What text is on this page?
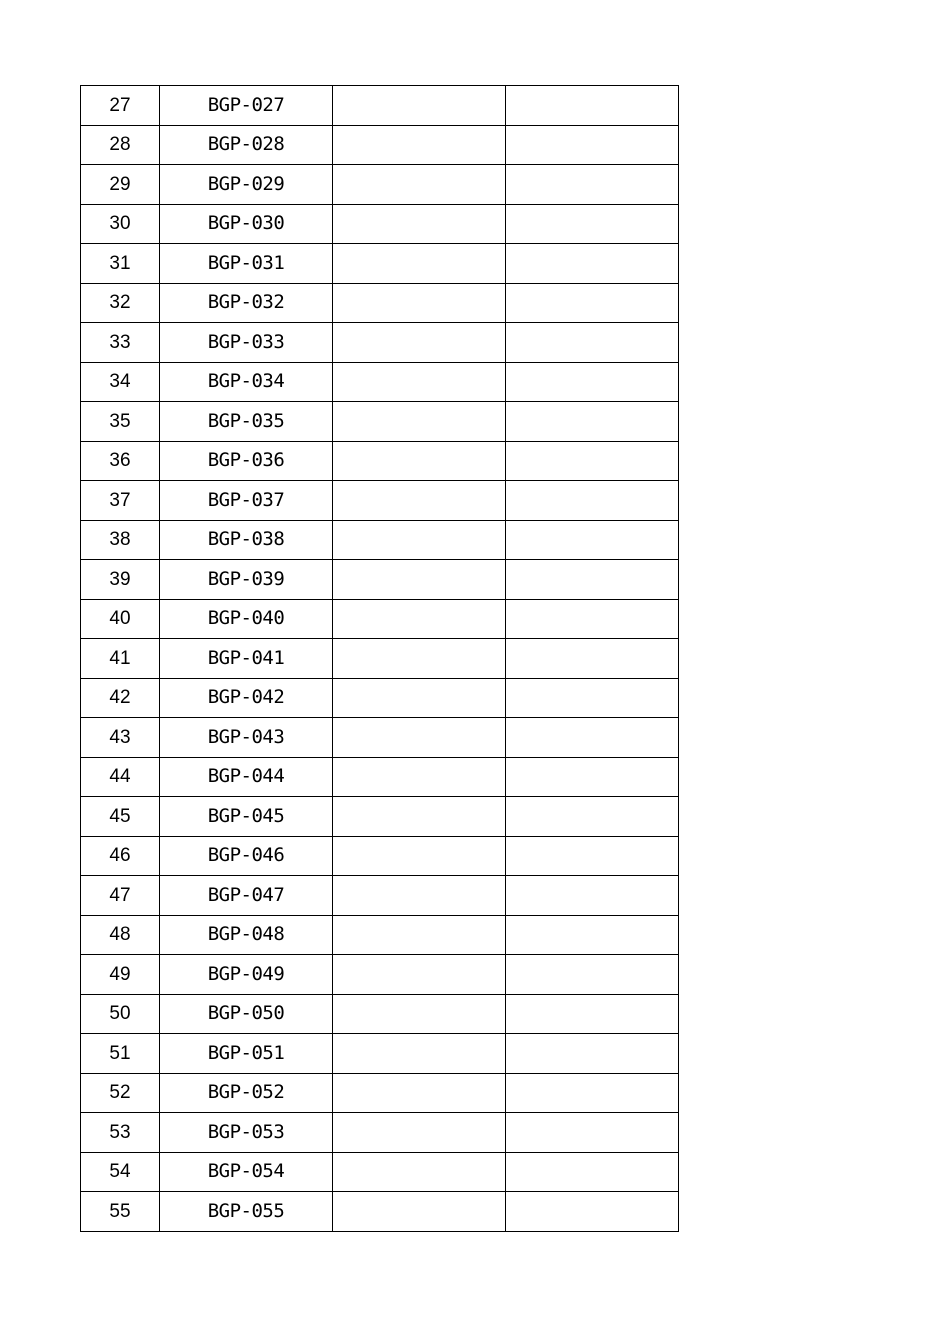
27	BGP-027		
28	BGP-028		
29	BGP-029		
30	BGP-030		
31	BGP-031		
32	BGP-032		
33	BGP-033		
34	BGP-034		
35	BGP-035		
36	BGP-036		
37	BGP-037		
38	BGP-038		
39	BGP-039		
40	BGP-040		
41	BGP-041		
42	BGP-042		
43	BGP-043		
44	BGP-044		
45	BGP-045		
46	BGP-046		
47	BGP-047		
48	BGP-048		
49	BGP-049		
50	BGP-050		
51	BGP-051		
52	BGP-052		
53	BGP-053		
54	BGP-054		
55	BGP-055		
